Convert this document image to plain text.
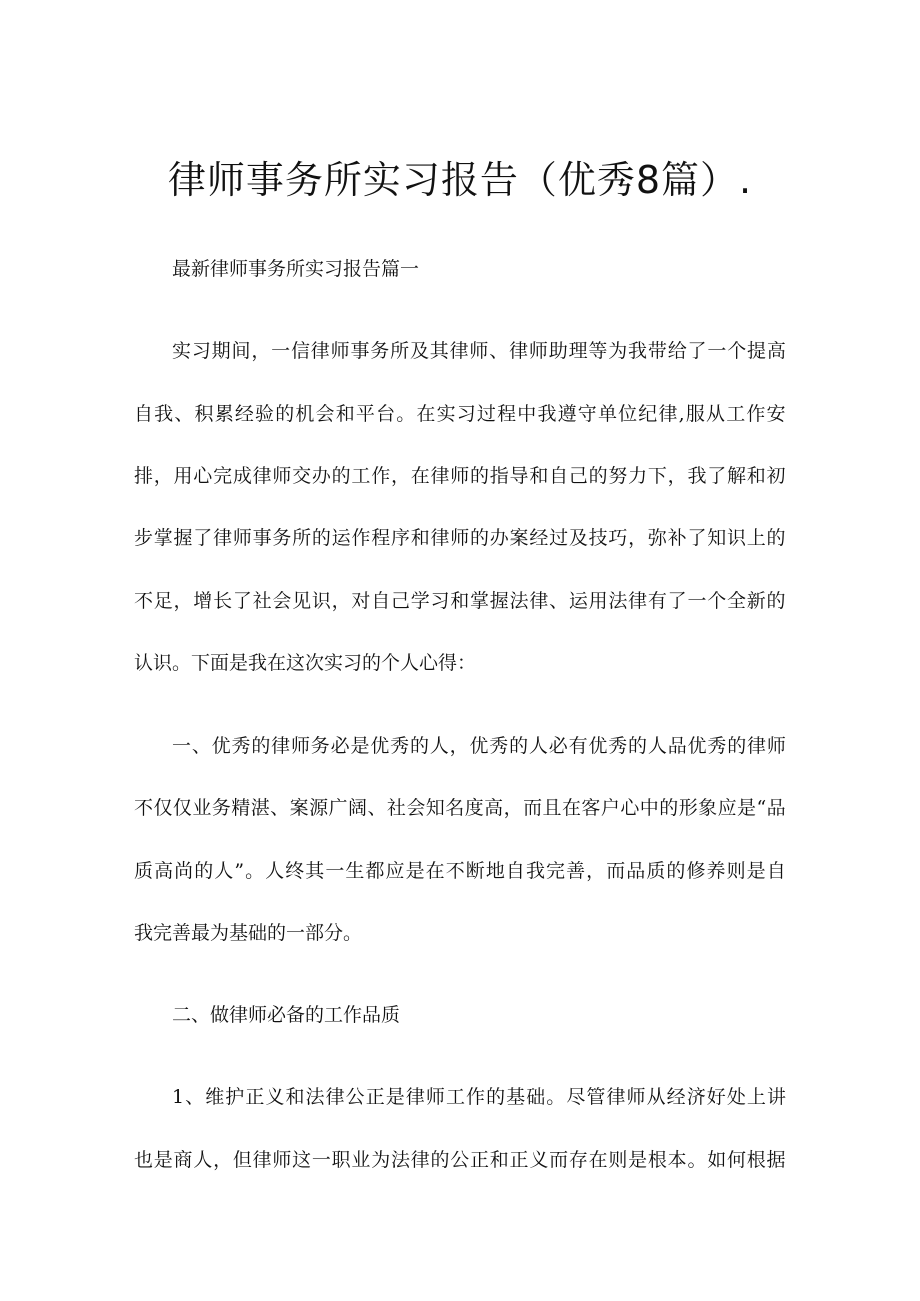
律师事务所实习报告（优秀8篇）.
最新律师事务所实习报告篇一
实 习 期 间 ， 一 信 律 师 事 务 所 及 其 律 师 、 律 师 助 理 等 为 我 带 给 了 一 个 提 高
自 我 、 积 累 经 验 的 机 会 和 平 台 。 在 实 习 过 程 中 我 遵 守 单 位 纪 律 , 服 从 工 作 安
排 ， 用 心 完 成 律 师 交 办 的 工 作 ， 在 律 师 的 指 导 和 自 己 的 努 力 下 ， 我 了 解 和 初
步 掌 握 了 律 师 事 务 所 的 运 作 程 序 和 律 师 的 办 案 经 过 及 技 巧 ， 弥 补 了 知 识 上 的
不 足 ， 增 长 了 社 会 见 识 ， 对 自 己 学 习 和 掌 握 法 律 、 运 用 法 律 有 了 一 个 全 新 的
认识。下面是我在这次实习的个人心得：
一 、 优 秀 的 律 师 务 必 是 优 秀 的 人 ， 优 秀 的 人 必 有 优 秀 的 人 品 优 秀 的 律 师
不 仅 仅 业 务 精 湛 、 案 源 广 阔 、 社 会 知 名 度 高 ， 而 且 在 客 户 心 中 的 形 象 应 是 “ 品
质 高 尚 的 人 ” 。 人 终 其 一 生 都 应 是 在 不 断 地 自 我 完 善 ， 而 品 质 的 修 养 则 是 自
我完善最为基础的一部分。
二、做律师必备的工作品质
1 、 维 护 正 义 和 法 律 公 正 是 律 师 工 作 的 基 础 。 尽 管 律 师 从 经 济 好 处 上 讲
也 是 商 人 ， 但 律 师 这 一 职 业 为 法 律 的 公 正 和 正 义 而 存 在 则 是 根 本 。 如 何 根 据
